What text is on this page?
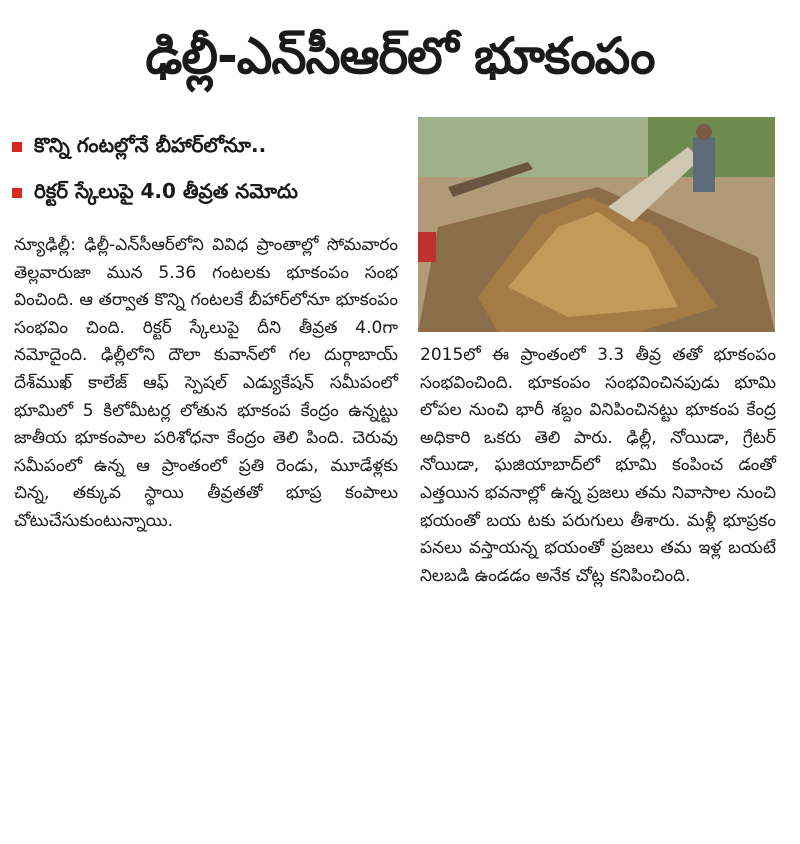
ఢిల్లీ-ఎన్‌సీఆర్‌లో భూకంపం
కొన్ని గంటల్లోనే బీహార్‌లోనూ..
రిక్టర్ స్కేలుపై 4.0 తీవ్రత నమోదు

న్యూఢిల్లీ: ఢిల్లీ-ఎన్‌సీఆర్‌లోని వివిధ ప్రాంతాల్లో సోమవారం తెల్లవారుజా మున 5.36 గంటలకు భూకంపం సంభ వించింది. ఆ తర్వాత కొన్ని గంటలకే బీహార్‌లోనూ భూకంపం సంభవిం చింది. రిక్టర్ స్కేలుపై దీని తీవ్రత 4.0గా నమోదైంది. ఢిల్లీలోని దౌలా కువాన్‌లో గల దుర్గాబాయ్ దేశ్‌ముఖ్ కాలేజ్ ఆఫ్ స్పెషల్ ఎడ్యుకేషన్ సమీపంలో భూమిలో 5 కిలోమీటర్ల లోతున భూకంప కేంద్రం ఉన్నట్టు జాతీయ భూకంపాల పరిశోధనా కేంద్రం తెలి పింది. చెరువు సమీపంలో ఉన్న ఆ ప్రాంతంలో ప్రతి రెండు, మూడేళ్లకు చిన్న, తక్కువ స్థాయి తీవ్రతతో భూప్ర కంపాలు చోటుచేసుకుంటున్నాయి.

2015లో ఈ ప్రాంతంలో 3.3 తీవ్ర తతో భూకంపం సంభవించింది. భూకంపం సంభవించినపుడు భూమి లోపల నుంచి భారీ శబ్దం వినిపించినట్టు భూకంప కేంద్ర అధికారి ఒకరు తెలి పారు. ఢిల్లీ, నోయిడా, గ్రేటర్ నోయిడా, ఘజియాబాద్‌లో భూమి కంపించ డంతో ఎత్తయిన భవనాల్లో ఉన్న ప్రజలు తమ నివాసాల నుంచి భయంతో బయ టకు పరుగులు తీశారు. మళ్లీ భూప్రకం పనలు వస్తాయన్న భయంతో ప్రజలు తమ ఇళ్ల బయటే నిలబడి ఉండడం అనేక చోట్ల కనిపించింది.
